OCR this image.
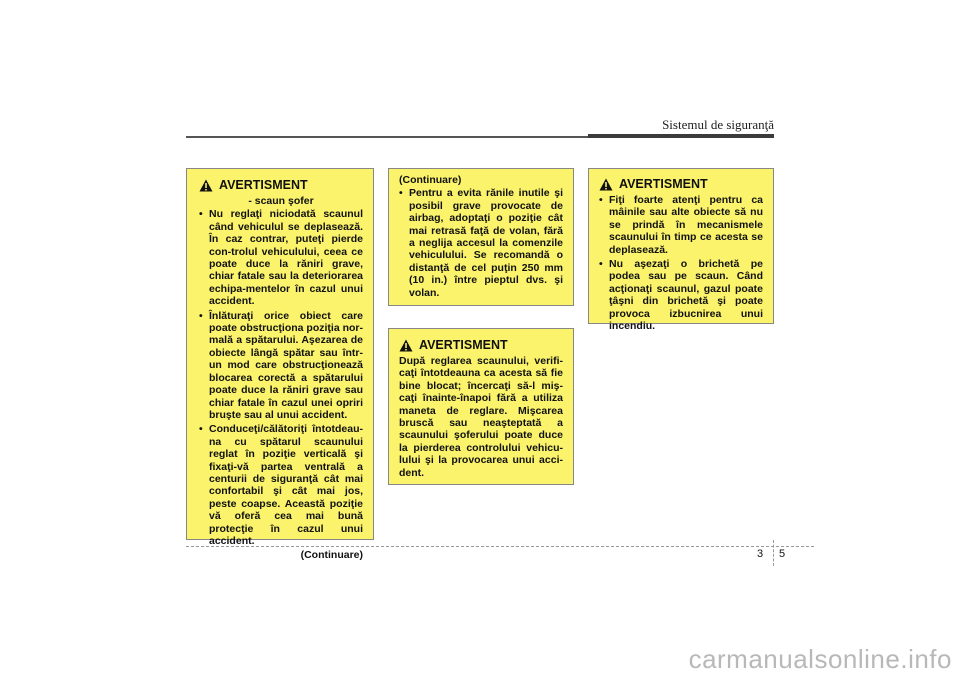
Sistemul de siguranţă
AVERTISMENT
- scaun şofer
• Nu reglaţi niciodată scaunul când vehiculul se deplasează. În caz contrar, puteţi pierde con-trolul vehiculului, ceea ce poate duce la răniri grave, chiar fatale sau la deteriorarea echipa-mentelor în cazul unui accident.
• Înlăturaţi orice obiect care poate obstrucţiona poziţia nor-mală a spătarului. Aşezarea de obiecte lângă spătar sau într-un mod care obstrucţionează blocarea corectă a spătarului poate duce la răniri grave sau chiar fatale în cazul unei opriri bruşte sau al unui accident.
• Conduceţi/călătoriţi întotdeau-na cu spătarul scaunului reglat în poziţie verticală şi fixaţi-vă partea ventrală a centurii de siguranţă cât mai confortabil şi cât mai jos, peste coapse. Această poziţie vă oferă cea mai bună protecţie în cazul unui accident.
(Continuare)
(Continuare)
• Pentru a evita rănile inutile şi posibil grave provocate de airbag, adoptaţi o poziţie cât mai retrasă faţă de volan, fără a neglija accesul la comenzile vehiculului. Se recomandă o distanţă de cel puţin 250 mm (10 in.) între pieptul dvs. şi volan.
AVERTISMENT
După reglarea scaunului, verifi-caţi întotdeauna ca acesta să fie bine blocat; încercaţi să-l miş-caţi înainte-înapoi fără a utiliza maneta de reglare. Mişcarea bruscă sau neaşteptată a scaunului şoferului poate duce la pierderea controlului vehicu-lului şi la provocarea unui acci-dent.
AVERTISMENT
• Fiţi foarte atenţi pentru ca mâinile sau alte obiecte să nu se prindă în mecanismele scaunului în timp ce acesta se deplasează.
• Nu aşezaţi o brichetă pe podea sau pe scaun. Când acţionaţi scaunul, gazul poate ţâşni din brichetă şi poate provoca izbucnirea unui incendiu.
3 5
carmanualsonline.info
